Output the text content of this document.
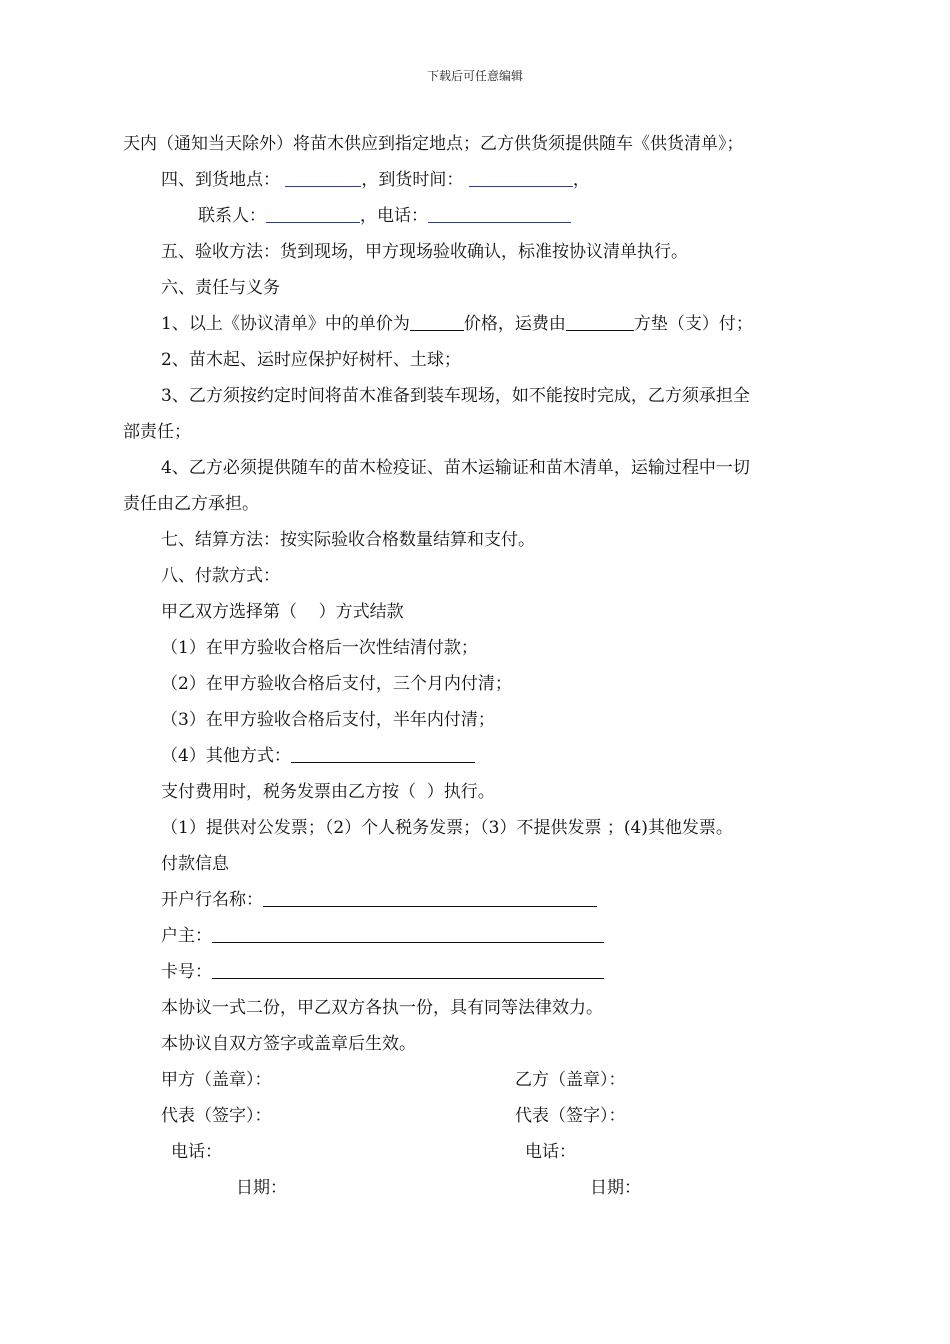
下载后可任意编辑
天内（通知当天除外）将苗木供应到指定地点；乙方供货须提供随车《供货清单》；
四、到货地点：	，到货时间：	，
联系人：	，电话：
五、验收方法：货到现场，甲方现场验收确认，标准按协议清单执行。
六、责任与义务
1、以上《协议清单》中的单价为	价格，运费由	方垫（支）付；
2、苗木起、运时应保护好树杆、土球；
3、乙方须按约定时间将苗木准备到装车现场，如不能按时完成，乙方须承担全
部责任；
4、乙方必须提供随车的苗木检疫证、苗木运输证和苗木清单，运输过程中一切
责任由乙方承担。
七、结算方法：按实际验收合格数量结算和支付。
八、付款方式：
甲乙双方选择第（    ）方式结款
（1）在甲方验收合格后一次性结清付款；
（2）在甲方验收合格后支付，三个月内付清；
（3）在甲方验收合格后支付，半年内付清；
（4）其他方式：
支付费用时，税务发票由乙方按（  ）执行。
（1）提供对公发票；（2）个人税务发票；（3）不提供发票 ；(4)其他发票。
付款信息
开户行名称：
户主：
卡号：
本协议一式二份，甲乙双方各执一份，具有同等法律效力。
本协议自双方签字或盖章后生效。
甲方（盖章）：	乙方（盖章）：
代表（签字）：	代表（签字）：
电话：	电话：
日期：	日期：
